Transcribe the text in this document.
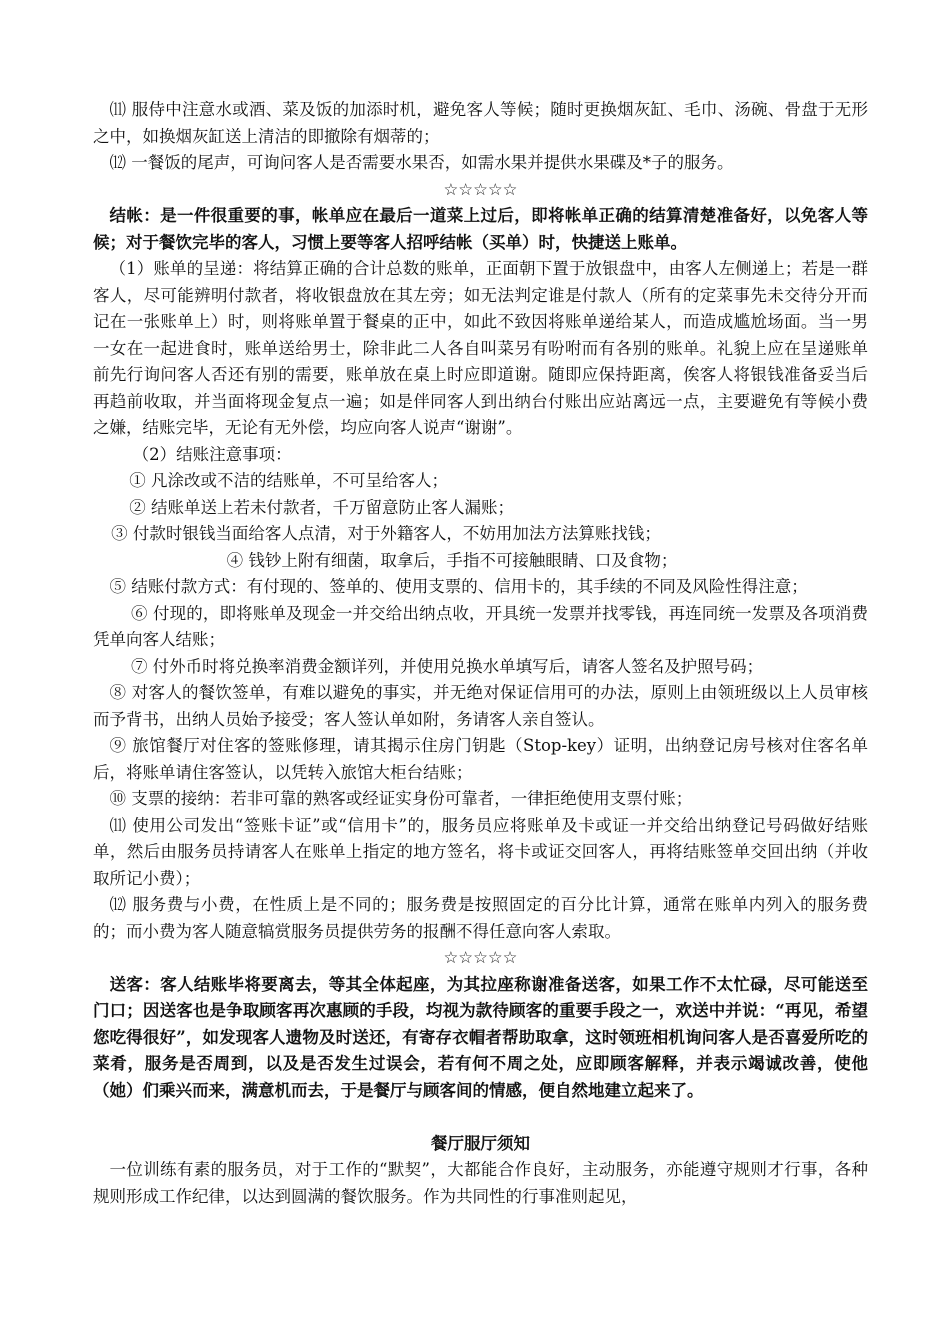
⑾ 服侍中注意水或酒、菜及饭的加添时机，避免客人等候；随时更换烟灰缸、毛巾、汤碗、骨盘于无形之中，如换烟灰缸送上清洁的即撤除有烟蒂的；

⑿ 一餐饭的尾声，可询问客人是否需要水果否，如需水果并提供水果碟及*子的服务。

☆☆☆☆☆

结帐：是一件很重要的事，帐单应在最后一道菜上过后，即将帐单正确的结算清楚准备好，以免客人等候；对于餐饮完毕的客人，习惯上要等客人招呼结帐（买单）时，快捷送上账单。

（1）账单的呈递：将结算正确的合计总数的账单，正面朝下置于放银盘中，由客人左侧递上；若是一群客人，尽可能辨明付款者，将收银盘放在其左旁；如无法判定谁是付款人（所有的定菜事先未交待分开而记在一张账单上）时，则将账单置于餐桌的正中，如此不致因将账单递给某人，而造成尴尬场面。当一男一女在一起进食时，账单送给男士，除非此二人各自叫菜另有吩咐而有各别的账单。礼貌上应在呈递账单前先行询问客人否还有别的需要，账单放在桌上时应即道谢。随即应保持距离，俟客人将银钱准备妥当后再趋前收取，并当面将现金复点一遍；如是伴同客人到出纳台付账出应站离远一点，主要避免有等候小费之嫌，结账完毕，无论有无外偿，均应向客人说声“谢谢”。

（2）结账注意事项：

① 凡涂改或不洁的结账单，不可呈给客人；

② 结账单送上若未付款者，千万留意防止客人漏账；

③ 付款时银钱当面给客人点清，对于外籍客人，不妨用加法方法算账找钱；

④ 钱钞上附有细菌，取拿后，手指不可接触眼睛、口及食物；

⑤ 结账付款方式：有付现的、签单的、使用支票的、信用卡的，其手续的不同及风险性得注意；

⑥ 付现的，即将账单及现金一并交给出纳点收，开具统一发票并找零钱，再连同统一发票及各项消费凭单向客人结账；

⑦ 付外币时将兑换率消费金额详列，并使用兑换水单填写后，请客人签名及护照号码；

⑧ 对客人的餐饮签单，有难以避免的事实，并无绝对保证信用可的办法，原则上由领班级以上人员审核而予背书，出纳人员始予接受；客人签认单如附，务请客人亲自签认。

⑨ 旅馆餐厅对住客的签账修理，请其揭示住房门钥匙（Stop-key）证明，出纳登记房号核对住客名单后，将账单请住客签认，以凭转入旅馆大柜台结账；

⑩ 支票的接纳：若非可靠的熟客或经证实身份可靠者，一律拒绝使用支票付账；

⑾ 使用公司发出“签账卡证”或“信用卡”的，服务员应将账单及卡或证一并交给出纳登记号码做好结账单，然后由服务员持请客人在账单上指定的地方签名，将卡或证交回客人，再将结账签单交回出纳（并收取所记小费）；

⑿ 服务费与小费，在性质上是不同的；服务费是按照固定的百分比计算，通常在账单内列入的服务费的；而小费为客人随意犒赏服务员提供劳务的报酬不得任意向客人索取。

☆☆☆☆☆

送客：客人结账毕将要离去，等其全体起座，为其拉座称谢准备送客，如果工作不太忙碌，尽可能送至门口；因送客也是争取顾客再次惠顾的手段，均视为款待顾客的重要手段之一，欢送中并说：“再见，希望您吃得很好”，如发现客人遗物及时送还，有寄存衣帽者帮助取拿，这时领班相机询问客人是否喜爱所吃的菜肴，服务是否周到，以及是否发生过误会，若有何不周之处，应即顾客解释，并表示竭诚改善，使他（她）们乘兴而来，满意机而去，于是餐厅与顾客间的情感，便自然地建立起来了。

餐厅服厅须知

一位训练有素的服务员，对于工作的“默契”，大都能合作良好，主动服务，亦能遵守规则才行事，各种规则形成工作纪律，以达到圆满的餐饮服务。作为共同性的行事准则起见，
